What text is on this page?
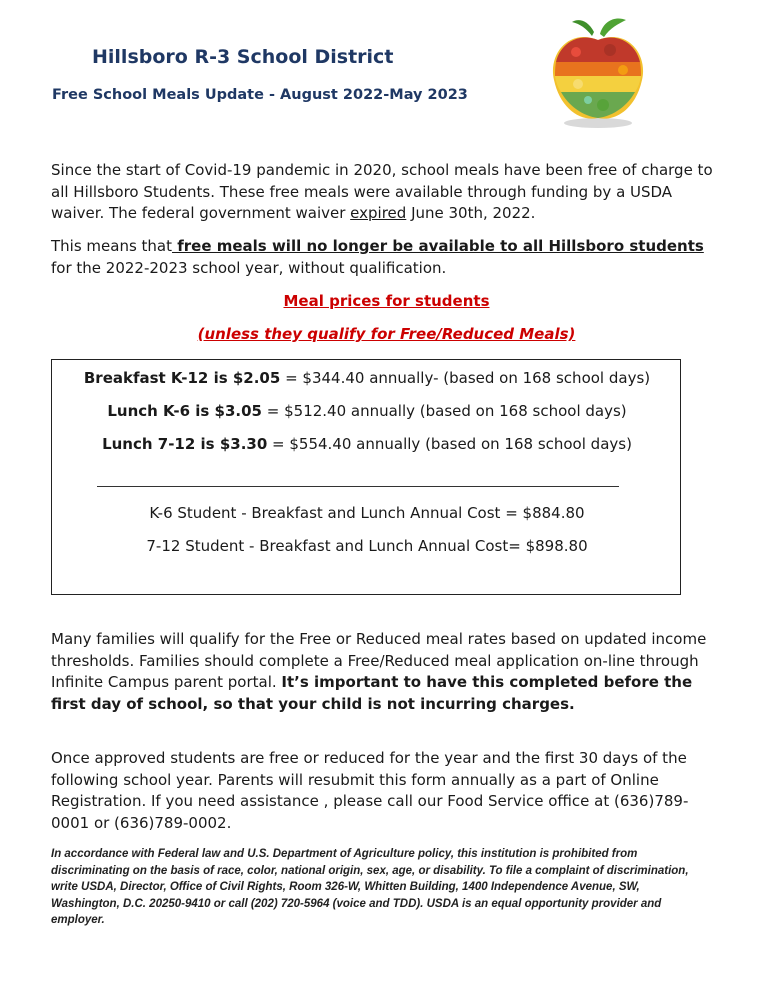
Hillsboro R-3 School District
Free School Meals Update - August 2022-May 2023
Since the start of Covid-19 pandemic in 2020, school meals have been free of charge to all Hillsboro Students. These free meals were available through funding by a USDA waiver. The federal government waiver expired June 30th, 2022.
This means that free meals will no longer be available to all Hillsboro students for the 2022-2023 school year, without qualification.
Meal prices for students
(unless they qualify for Free/Reduced Meals)
Breakfast K-12 is $2.05 = $344.40 annually- (based on 168 school days)
Lunch K-6 is $3.05 = $512.40 annually (based on 168 school days)
Lunch 7-12 is $3.30 = $554.40 annually (based on 168 school days)
K-6 Student - Breakfast and Lunch Annual Cost = $884.80
7-12 Student - Breakfast and Lunch Annual Cost= $898.80
Many families will qualify for the Free or Reduced meal rates based on updated income thresholds. Families should complete a Free/Reduced meal application on-line through Infinite Campus parent portal. It’s important to have this completed before the first day of school, so that your child is not incurring charges.
Once approved students are free or reduced for the year and the first 30 days of the following school year. Parents will resubmit this form annually as a part of Online Registration. If you need assistance , please call our Food Service office at (636)789-0001 or (636)789-0002.
In accordance with Federal law and U.S. Department of Agriculture policy, this institution is prohibited from discriminating on the basis of race, color, national origin, sex, age, or disability. To file a complaint of discrimination, write USDA, Director, Office of Civil Rights, Room 326-W, Whitten Building, 1400 Independence Avenue, SW, Washington, D.C. 20250-9410 or call (202) 720-5964 (voice and TDD). USDA is an equal opportunity provider and employer.
